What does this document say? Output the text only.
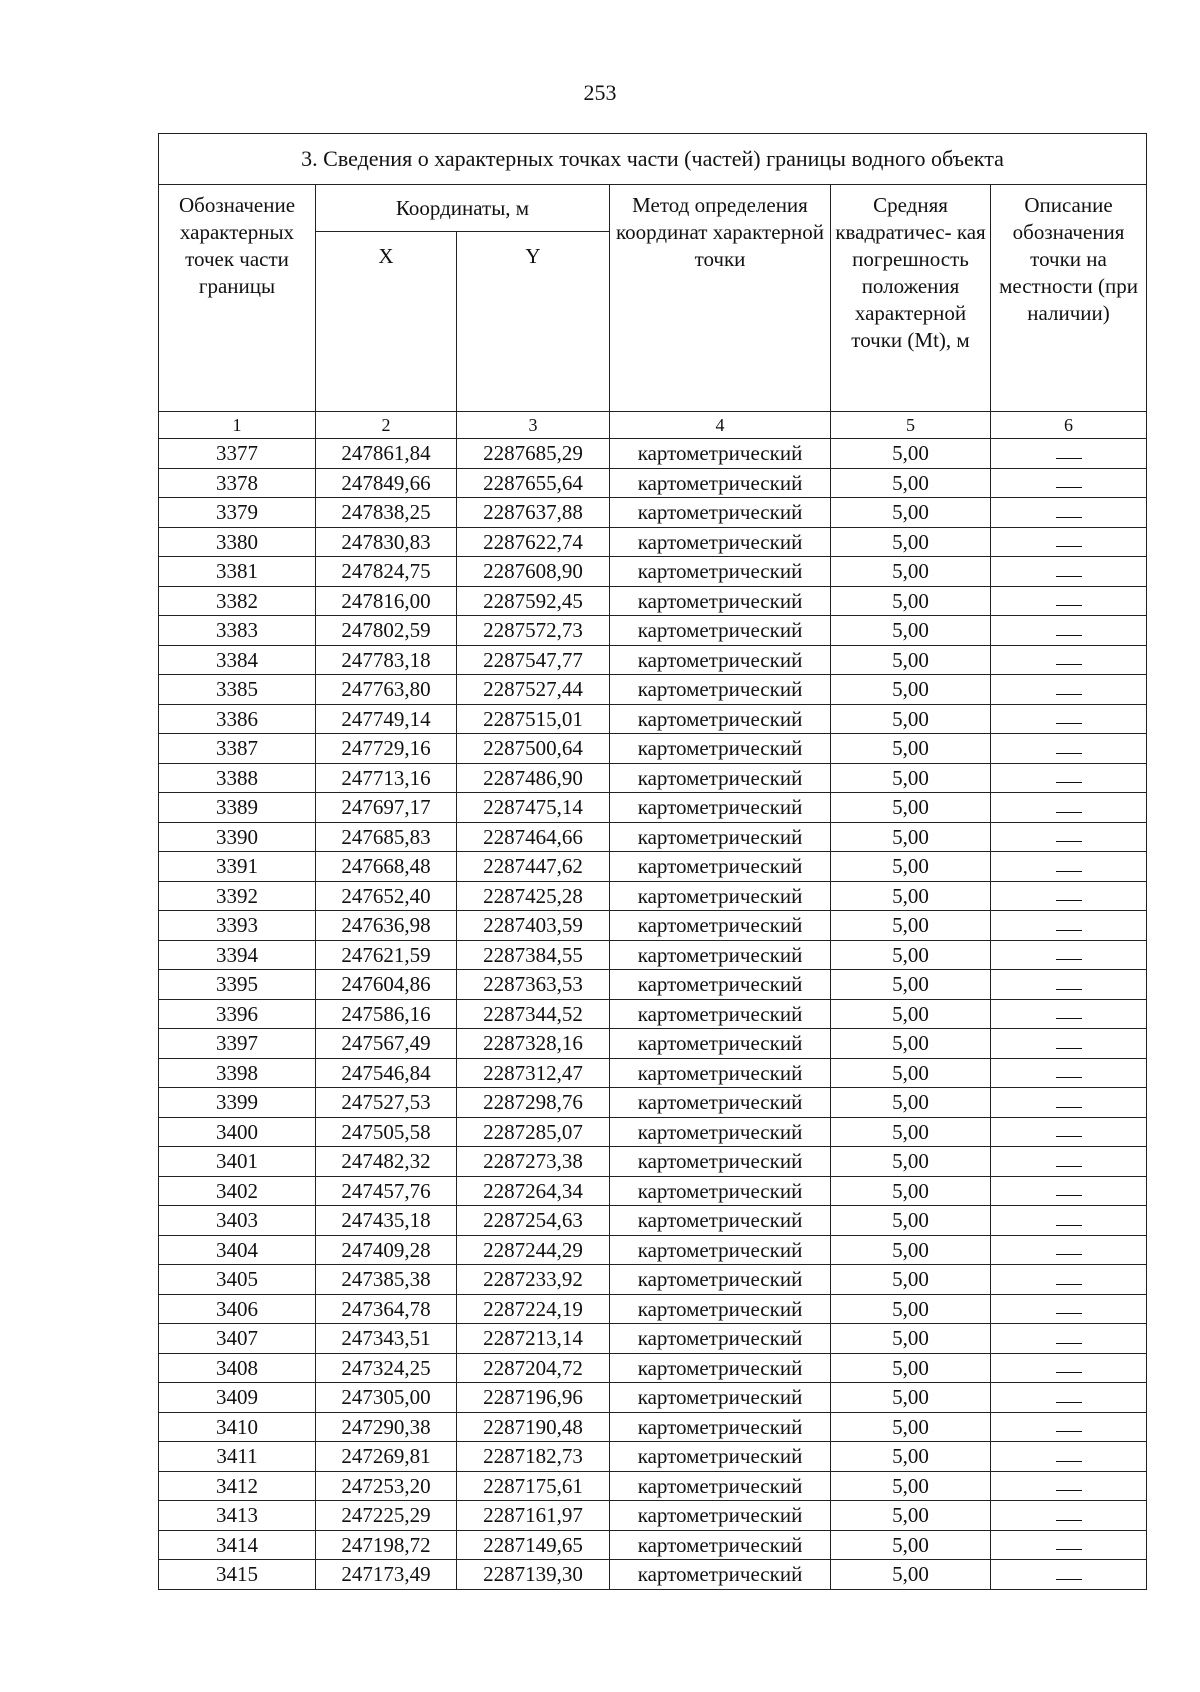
253
3. Сведения о характерных точках части (частей) границы водного объекта					
Обозначение характерных точек части границы	Координаты, м		Метод определения координат характерной точки	Средняя квадратичес- кая погрешность положения характерной точки (Mt), м	Описание обозначения точки на местности (при наличии)
	X	Y			
1	2	3	4	5	6
3377	247861,84	2287685,29	картометрический	5,00	
3378	247849,66	2287655,64	картометрический	5,00	
3379	247838,25	2287637,88	картометрический	5,00	
3380	247830,83	2287622,74	картометрический	5,00	
3381	247824,75	2287608,90	картометрический	5,00	
3382	247816,00	2287592,45	картометрический	5,00	
3383	247802,59	2287572,73	картометрический	5,00	
3384	247783,18	2287547,77	картометрический	5,00	
3385	247763,80	2287527,44	картометрический	5,00	
3386	247749,14	2287515,01	картометрический	5,00	
3387	247729,16	2287500,64	картометрический	5,00	
3388	247713,16	2287486,90	картометрический	5,00	
3389	247697,17	2287475,14	картометрический	5,00	
3390	247685,83	2287464,66	картометрический	5,00	
3391	247668,48	2287447,62	картометрический	5,00	
3392	247652,40	2287425,28	картометрический	5,00	
3393	247636,98	2287403,59	картометрический	5,00	
3394	247621,59	2287384,55	картометрический	5,00	
3395	247604,86	2287363,53	картометрический	5,00	
3396	247586,16	2287344,52	картометрический	5,00	
3397	247567,49	2287328,16	картометрический	5,00	
3398	247546,84	2287312,47	картометрический	5,00	
3399	247527,53	2287298,76	картометрический	5,00	
3400	247505,58	2287285,07	картометрический	5,00	
3401	247482,32	2287273,38	картометрический	5,00	
3402	247457,76	2287264,34	картометрический	5,00	
3403	247435,18	2287254,63	картометрический	5,00	
3404	247409,28	2287244,29	картометрический	5,00	
3405	247385,38	2287233,92	картометрический	5,00	
3406	247364,78	2287224,19	картометрический	5,00	
3407	247343,51	2287213,14	картометрический	5,00	
3408	247324,25	2287204,72	картометрический	5,00	
3409	247305,00	2287196,96	картометрический	5,00	
3410	247290,38	2287190,48	картометрический	5,00	
3411	247269,81	2287182,73	картометрический	5,00	
3412	247253,20	2287175,61	картометрический	5,00	
3413	247225,29	2287161,97	картометрический	5,00	
3414	247198,72	2287149,65	картометрический	5,00	
3415	247173,49	2287139,30	картометрический	5,00	
